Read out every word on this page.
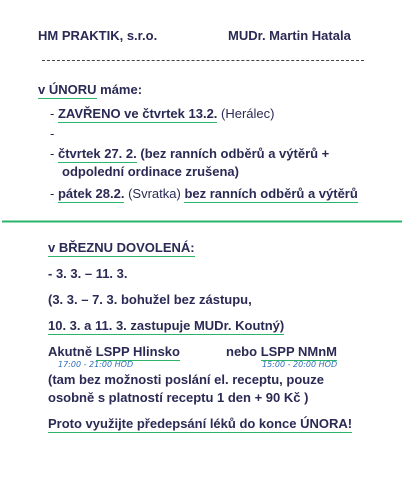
HM PRAKTIK, s.r.o.	MUDr. Martin Hatala
v ÚNORU máme:
- ZAVŘENO ve čtvrtek 13.2. (Herálec)
-
- čtvrtek 27. 2. (bez ranních odběrů a výtěrů +
odpolední ordinace zrušena)
- pátek 28.2. (Svratka) bez ranních odběrů a výtěrů
v BŘEZNU DOVOLENÁ:
- 3. 3. – 11. 3.
(3. 3. – 7. 3. bohužel bez zástupu,
10. 3. a 11. 3. zastupuje MUDr. Koutný)
Akutně LSPP Hlinsko	nebo LSPP NMnM
17:00 - 21:00 HOD	15:00 - 20:00 HOD
(tam bez možnosti poslání el. receptu, pouze
osobně s platností receptu 1 den + 90 Kč )
Proto využijte předepsání léků do konce ÚNORA!
